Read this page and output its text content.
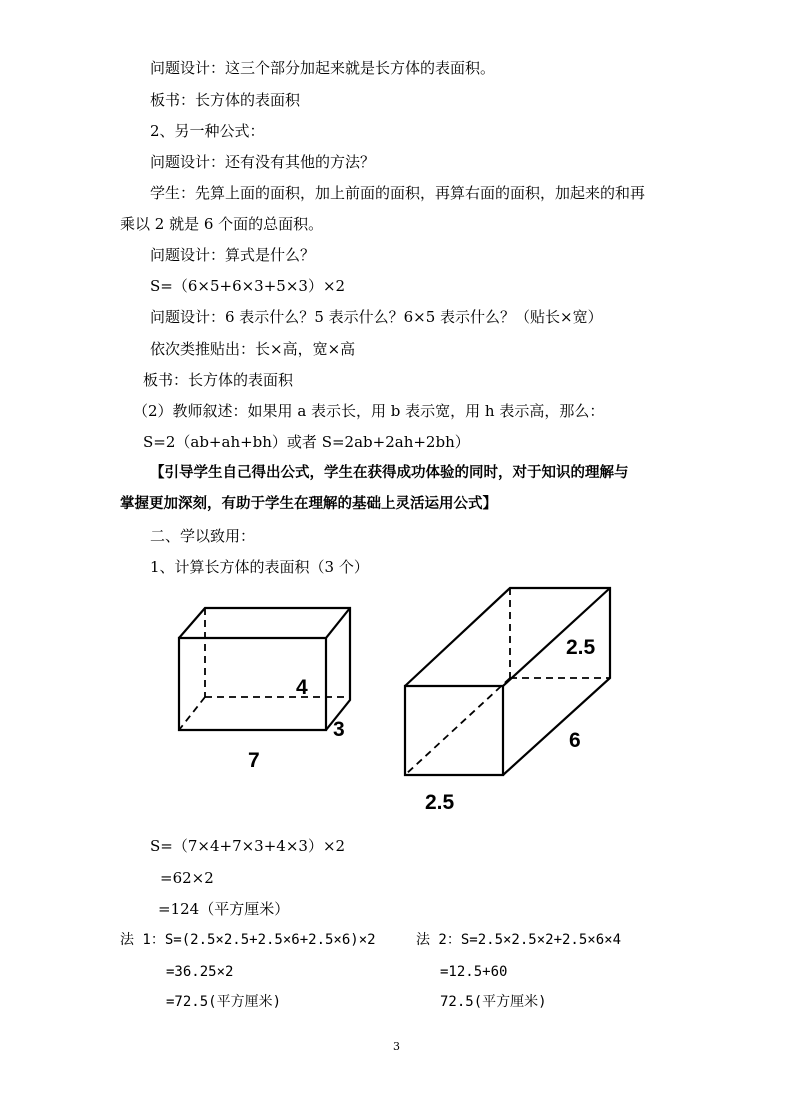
问题设计：这三个部分加起来就是长方体的表面积。
板书：长方体的表面积
2、另一种公式：
问题设计：还有没有其他的方法？
学生：先算上面的面积，加上前面的面积，再算右面的面积，加起来的和再
乘以 2 就是 6 个面的总面积。
问题设计：算式是什么？
S=（6×5+6×3+5×3）×2
问题设计：6 表示什么？5 表示什么？6×5 表示什么？（贴长×宽）
依次类推贴出：长×高，宽×高
板书：长方体的表面积
（2）教师叙述：如果用 a 表示长，用 b 表示宽，用 h 表示高，那么：
S=2（ab+ah+bh）或者 S=2ab+2ah+2bh）
【引导学生自己得出公式，学生在获得成功体验的同时，对于知识的理解与
掌握更加深刻，有助于学生在理解的基础上灵活运用公式】
二、学以致用：
1、计算长方体的表面积（3 个）
4
3
7
2.5
6
2.5
S=（7×4+7×3+4×3）×2
=62×2
=124（平方厘米）
法 1：S=(2.5×2.5+2.5×6+2.5×6)×2
=36.25×2
=72.5(平方厘米)
法 2：S=2.5×2.5×2+2.5×6×4
=12.5+60
72.5(平方厘米)
3
